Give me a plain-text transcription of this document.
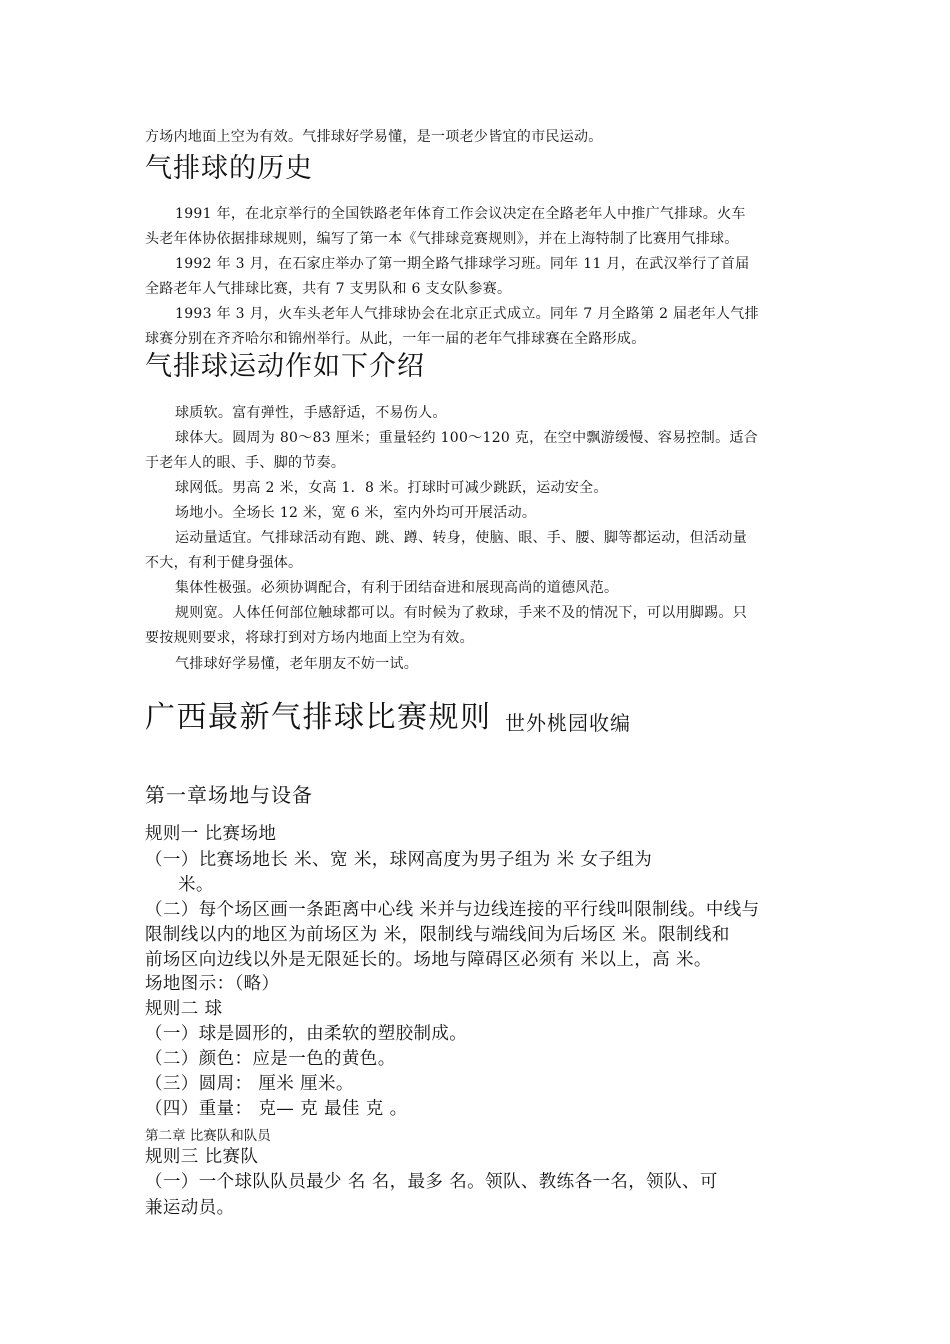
方场内地面上空为有效。气排球好学易懂，是一项老少皆宜的市民运动。
气排球的历史
1991 年，在北京举行的全国铁路老年体育工作会议决定在全路老年人中推广气排球。火车
头老年体协依据排球规则，编写了第一本《气排球竞赛规则》，并在上海特制了比赛用气排球。
1992 年 3 月，在石家庄举办了第一期全路气排球学习班。同年 11 月，在武汉举行了首届
全路老年人气排球比赛，共有 7 支男队和 6 支女队参赛。
1993 年 3 月，火车头老年人气排球协会在北京正式成立。同年 7 月全路第 2 届老年人气排
球赛分别在齐齐哈尔和锦州举行。从此，一年一届的老年气排球赛在全路形成。
气排球运动作如下介绍
球质软。富有弹性，手感舒适，不易伤人。
球体大。圆周为 80～83 厘米；重量轻约 100～120 克，在空中飘游缓慢、容易控制。适合
于老年人的眼、手、脚的节奏。
球网低。男高 2 米，女高 1．8 米。打球时可减少跳跃，运动安全。
场地小。全场长 12 米，宽 6 米，室内外均可开展活动。
运动量适宜。气排球活动有跑、跳、蹲、转身，使脑、眼、手、腰、脚等都运动，但活动量
不大，有利于健身强体。
集体性极强。必须协调配合，有利于团结奋进和展现高尚的道德风范。
规则宽。人体任何部位触球都可以。有时候为了救球，手来不及的情况下，可以用脚踢。只
要按规则要求，将球打到对方场内地面上空为有效。
气排球好学易懂，老年朋友不妨一试。
广西最新气排球比赛规则 世外桃园收编
第一章场地与设备
规则一 比赛场地
（一）比赛场地长 米、宽 米，球网高度为男子组为 米 女子组为
米。
（二）每个场区画一条距离中心线 米并与边线连接的平行线叫限制线。中线与
限制线以内的地区为前场区为 米，限制线与端线间为后场区 米。限制线和
前场区向边线以外是无限延长的。场地与障碍区必须有 米以上，高 米。
场地图示：（略）
规则二 球
（一）球是圆形的，由柔软的塑胶制成。
（二）颜色：应是一色的黄色。
（三）圆周： 厘米 厘米。
（四）重量： 克— 克 最佳 克 。
第二章 比赛队和队员
规则三 比赛队
（一）一个球队队员最少 名 名，最多 名。领队、教练各一名，领队、可
兼运动员。
